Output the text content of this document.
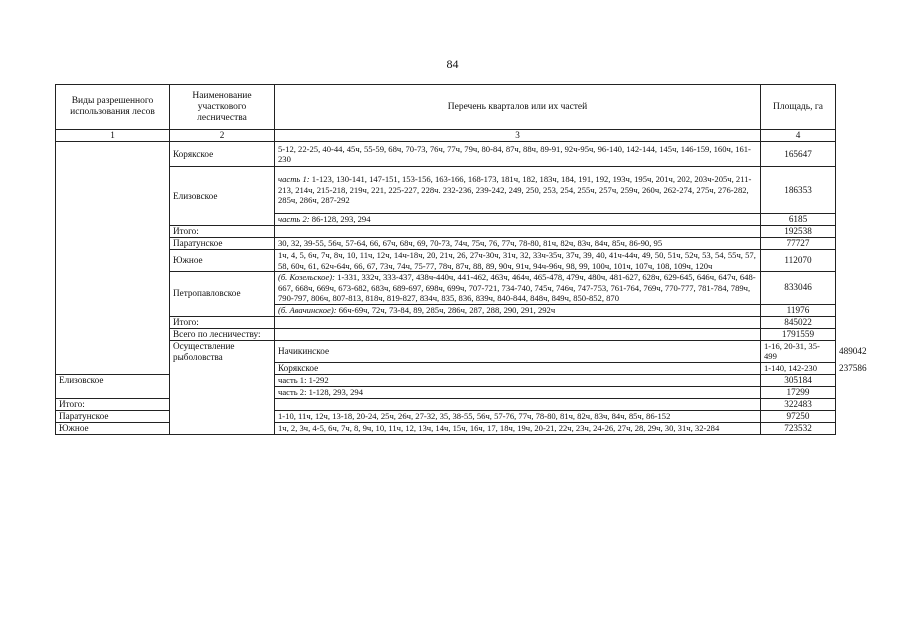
84
Виды разрешенного использования лесов	Наименование участкового лесничества	Перечень кварталов или их частей	Площадь, га	
1	2	3	4	
	Корякское	5-12, 22-25, 40-44, 45ч, 55-59, 68ч, 70-73, 76ч, 77ч, 79ч, 80-84, 87ч, 88ч, 89-91, 92ч-95ч, 96-140, 142-144, 145ч, 146-159, 160ч, 161-230	165647	
	Елизовское	часть 1: 1-123, 130-141, 147-151, 153-156, 163-166, 168-173, 181ч, 182, 183ч, 184, 191, 192, 193ч, 195ч, 201ч, 202, 203ч-205ч, 211-213, 214ч, 215-218, 219ч, 221, 225-227, 228ч. 232-236, 239-242, 249, 250, 253, 254, 255ч, 257ч, 259ч, 260ч, 262-274, 275ч, 276-282, 285ч, 286ч, 287-292	186353	
		часть 2: 86-128, 293, 294	6185	
	Итого:		192538	
	Паратунское	30, 32, 39-55, 56ч, 57-64, 66, 67ч, 68ч, 69, 70-73, 74ч, 75ч, 76, 77ч, 78-80, 81ч, 82ч, 83ч, 84ч, 85ч, 86-90, 95	77727	
	Южное	1ч, 4, 5, 6ч, 7ч, 8ч, 10, 11ч, 12ч, 14ч-18ч, 20, 21ч, 26, 27ч-30ч, 31ч, 32, 33ч-35ч, 37ч, 39, 40, 41ч-44ч, 49, 50, 51ч, 52ч, 53, 54, 55ч, 57, 58, 60ч, 61, 62ч-64ч, 66, 67, 73ч, 74ч, 75-77, 78ч, 87ч, 88, 89, 90ч, 91ч, 94ч-96ч, 98, 99, 100ч, 101ч, 107ч, 108, 109ч, 120ч	112070	
	Петропавловское	(б. Козельское): 1-331, 332ч, 333-437, 438ч-440ч, 441-462, 463ч, 464ч, 465-478, 479ч, 480ч, 481-627, 628ч, 629-645, 646ч, 647ч, 648-667, 668ч, 669ч, 673-682, 683ч, 689-697, 698ч, 699ч, 707-721, 734-740, 745ч, 746ч, 747-753, 761-764, 769ч, 770-777, 781-784, 789ч, 790-797, 806ч, 807-813, 818ч, 819-827, 834ч, 835, 836, 839ч, 840-844, 848ч, 849ч, 850-852, 870	833046	
		(б. Авачинское): 66ч-69ч, 72ч, 73-84, 89, 285ч, 286ч, 287, 288, 290, 291, 292ч	11976	
	Итого:		845022	
	Всего по лесничеству:		1791559	
	Осуществление рыболовства	Начикинское	1-16, 20-31, 35-499	489042
		Корякское	1-140, 142-230	237586
Елизовское		часть 1: 1-292	305184	
		часть 2: 1-128, 293, 294	17299	
Итого:			322483	
Паратунское		1-10, 11ч, 12ч, 13-18, 20-24, 25ч, 26ч, 27-32, 35, 38-55, 56ч, 57-76, 77ч, 78-80, 81ч, 82ч, 83ч, 84ч, 85ч, 86-152	97250	
Южное		1ч, 2, 3ч, 4-5, 6ч, 7ч, 8, 9ч, 10, 11ч, 12, 13ч, 14ч, 15ч, 16ч, 17, 18ч, 19ч, 20-21, 22ч, 23ч, 24-26, 27ч, 28, 29ч, 30, 31ч, 32-284	723532	
